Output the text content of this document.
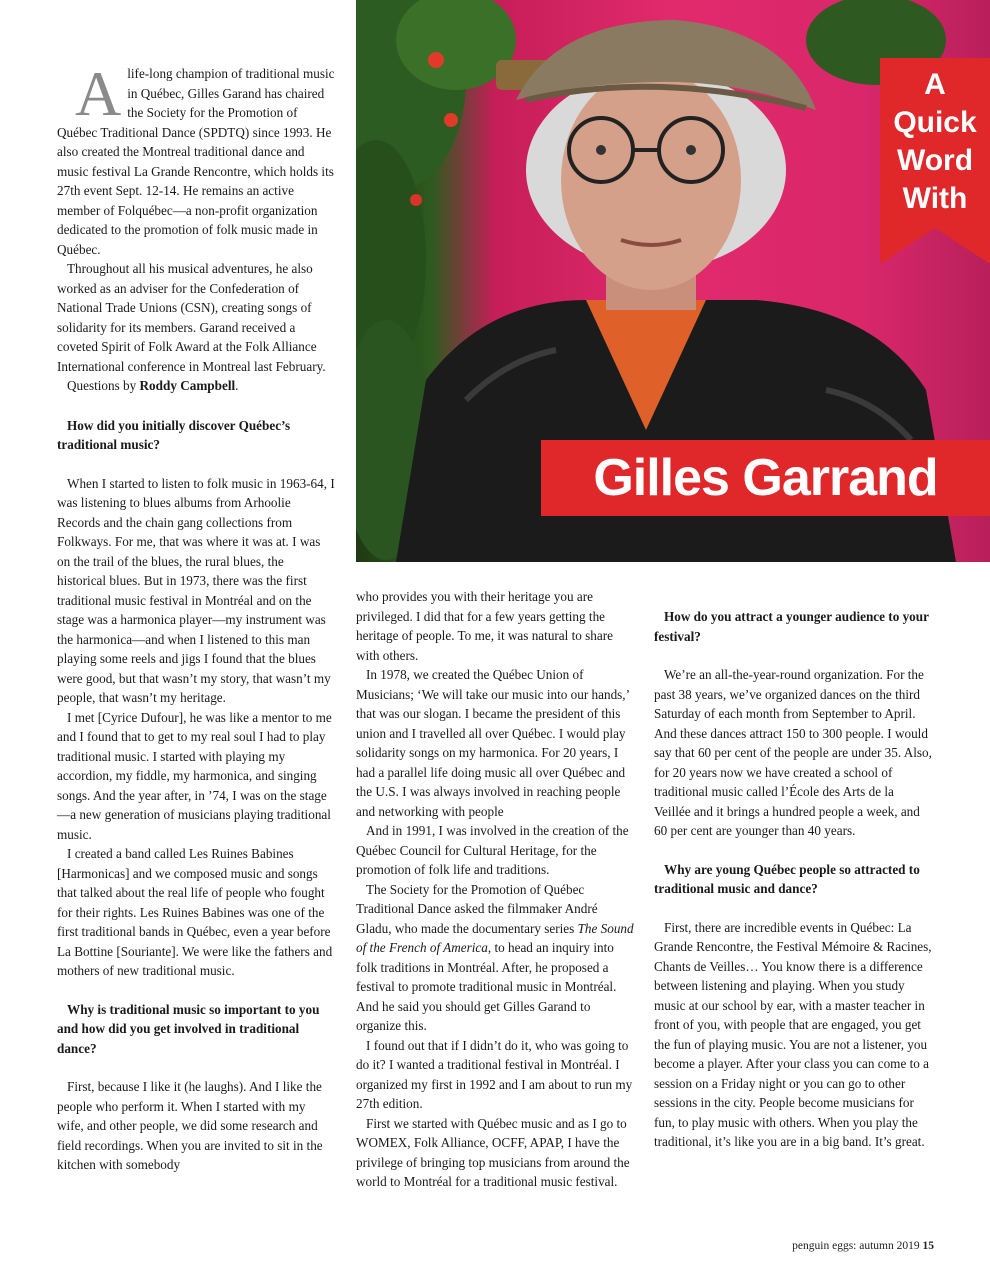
A
Quick
Word
With
Gilles Garrand

Alife-long champion of traditional music in Québec, Gilles Garand has chaired the Society for the Promotion of Québec Traditional Dance (SPDTQ) since 1993. He also created the Montreal traditional dance and music festival La Grande Rencontre, which holds its 27th event Sept. 12-14. He remains an active member of Folquébec—a non-profit organization dedicated to the promotion of folk music made in Québec.

Throughout all his musical adventures, he also worked as an adviser for the Confederation of National Trade Unions (CSN), creating songs of solidarity for its members. Garand received a coveted Spirit of Folk Award at the Folk Alliance International conference in Montreal last February.

Questions by Roddy Campbell.

How did you initially discover Québec’s traditional music?

When I started to listen to folk music in 1963-64, I was listening to blues albums from Arhoolie Records and the chain gang collections from Folkways. For me, that was where it was at. I was on the trail of the blues, the rural blues, the historical blues. But in 1973, there was the first traditional music festival in Montréal and on the stage was a harmonica player—my instrument was the harmonica—and when I listened to this man playing some reels and jigs I found that the blues were good, but that wasn’t my story, that wasn’t my people, that wasn’t my heritage.

I met [Cyrice Dufour], he was like a mentor to me and I found that to get to my real soul I had to play traditional music. I started with playing my accordion, my fiddle, my harmonica, and singing songs. And the year after, in ’74, I was on the stage—a new generation of musicians playing traditional music.

I created a band called Les Ruines Babines [Harmonicas] and we composed music and songs that talked about the real life of people who fought for their rights. Les Ruines Babines was one of the first traditional bands in Québec, even a year before La Bottine [Souriante]. We were like the fathers and mothers of new traditional music.

Why is traditional music so important to you and how did you get involved in traditional dance?

First, because I like it (he laughs). And I like the people who perform it. When I started with my wife, and other people, we did some research and field recordings. When you are invited to sit in the kitchen with somebody

who provides you with their heritage you are privileged. I did that for a few years getting the heritage of people. To me, it was natural to share with others.

In 1978, we created the Québec Union of Musicians; ‘We will take our music into our hands,’ that was our slogan. I became the president of this union and I travelled all over Québec. I would play solidarity songs on my harmonica. For 20 years, I had a parallel life doing music all over Québec and the U.S. I was always involved in reaching people and networking with people

And in 1991, I was involved in the creation of the Québec Council for Cultural Heritage, for the promotion of folk life and traditions.

The Society for the Promotion of Québec Traditional Dance asked the filmmaker André Gladu, who made the documentary series The Sound of the French of America, to head an inquiry into folk traditions in Montréal. After, he proposed a festival to promote traditional music in Montréal. And he said you should get Gilles Garand to organize this.

I found out that if I didn’t do it, who was going to do it? I wanted a traditional festival in Montréal. I organized my first in 1992 and I am about to run my 27th edition.

First we started with Québec music and as I go to WOMEX, Folk Alliance, OCFF, APAP, I have the privilege of bringing top musicians from around the world to Montréal for a traditional music festival.

How do you attract a younger audience to your festival?

We’re an all-the-year-round organization. For the past 38 years, we’ve organized dances on the third Saturday of each month from September to April. And these dances attract 150 to 300 people. I would say that 60 per cent of the people are under 35. Also, for 20 years now we have created a school of traditional music called l’École des Arts de la Veillée and it brings a hundred people a week, and 60 per cent are younger than 40 years.

Why are young Québec people so attracted to traditional music and dance?

First, there are incredible events in Québec: La Grande Rencontre, the Festival Mémoire & Racines, Chants de Veilles… You know there is a difference between listening and playing. When you study music at our school by ear, with a master teacher in front of you, with people that are engaged, you get the fun of playing music. You are not a listener, you become a player. After your class you can come to a session on a Friday night or you can go to other sessions in the city. People become musicians for fun, to play music with others. When you play the traditional, it’s like you are in a big band. It’s great.

penguin eggs: autumn 2019 15
